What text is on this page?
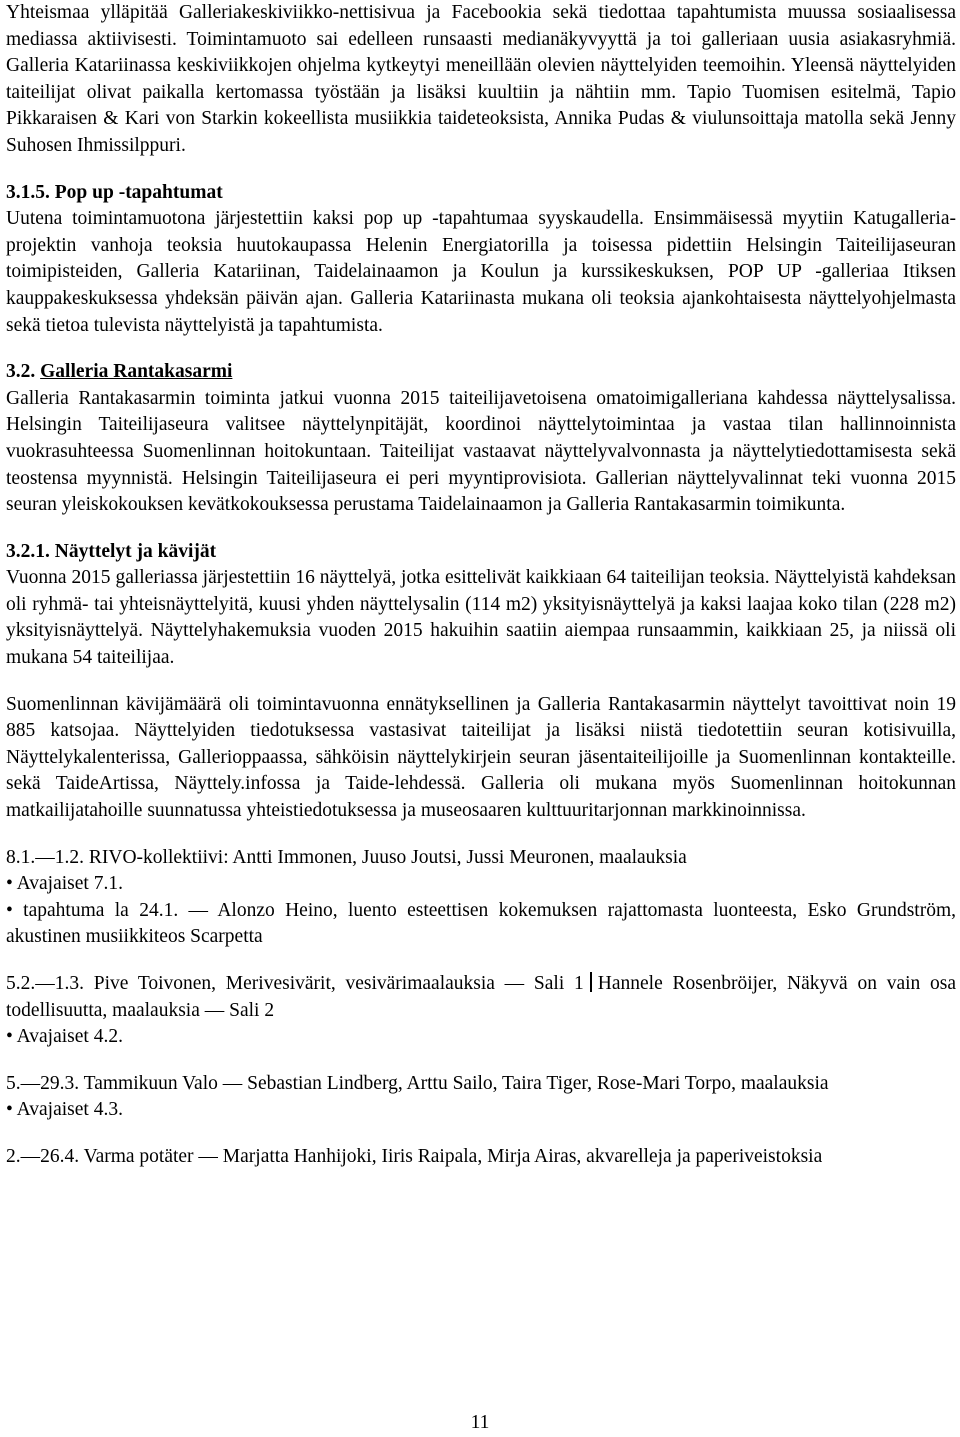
Yhteismaa ylläpitää Galleriakeskiviikko-nettisivua ja Facebookia sekä tiedottaa tapahtumista muussa sosiaalisessa mediassa aktiivisesti. Toimintamuoto sai edelleen runsaasti medianäkyvyyttä ja toi galleriaan uusia asiakasryhmiä. Galleria Katariinassa keskiviikkojen ohjelma kytkeytyi meneillään olevien näyttelyiden teemoihin. Yleensä näyttelyiden taiteilijat olivat paikalla kertomassa työstään ja lisäksi kuultiin ja nähtiin mm. Tapio Tuomisen esitelmä, Tapio Pikkaraisen & Kari von Starkin kokeellista musiikkia taideteoksista, Annika Pudas & viulunsoittaja matolla sekä Jenny Suhosen Ihmissilppuri.

3.1.5. Pop up -tapahtumat

Uutena toimintamuotona järjestettiin kaksi pop up -tapahtumaa syyskaudella. Ensimmäisessä myytiin Katugalleria-projektin vanhoja teoksia huutokaupassa Helenin Energiatorilla ja toisessa pidettiin Helsingin Taiteilijaseuran toimipisteiden, Galleria Katariinan, Taidelainaamon ja Koulun ja kurssikeskuksen, POP UP -galleriaa Itiksen kauppakeskuksessa yhdeksän päivän ajan. Galleria Katariinasta mukana oli teoksia ajankohtaisesta näyttelyohjelmasta sekä tietoa tulevista näyttelyistä ja tapahtumista.

3.2. Galleria Rantakasarmi

Galleria Rantakasarmin toiminta jatkui vuonna 2015 taiteilijavetoisena omatoimigalleriana kahdessa näyttelysalissa. Helsingin Taiteilijaseura valitsee näyttelynpitäjät, koordinoi näyttelytoimintaa ja vastaa tilan hallinnoinnista vuokrasuhteessa Suomenlinnan hoitokuntaan. Taiteilijat vastaavat näyttelyvalvonnasta ja näyttelytiedottamisesta sekä teostensa myynnistä. Helsingin Taiteilijaseura ei peri myyntiprovisiota. Gallerian näyttelyvalinnat teki vuonna 2015 seuran yleiskokouksen kevätkokouksessa perustama Taidelainaamon ja Galleria Rantakasarmin toimikunta.

3.2.1. Näyttelyt ja kävijät

Vuonna 2015 galleriassa järjestettiin 16 näyttelyä, jotka esittelivät kaikkiaan 64 taiteilijan teoksia. Näyttelyistä kahdeksan oli ryhmä- tai yhteisnäyttelyitä, kuusi yhden näyttelysalin (114 m2) yksityisnäyttelyä ja kaksi laajaa koko tilan (228 m2) yksityisnäyttelyä. Näyttelyhakemuksia vuoden 2015 hakuihin saatiin aiempaa runsaammin, kaikkiaan 25, ja niissä oli mukana 54 taiteilijaa.

Suomenlinnan kävijämäärä oli toimintavuonna ennätyksellinen ja Galleria Rantakasarmin näyttelyt tavoittivat noin 19 885 katsojaa. Näyttelyiden tiedotuksessa vastasivat taiteilijat ja lisäksi niistä tiedotettiin seuran kotisivuilla, Näyttelykalenterissa, Gallerioppaassa, sähköisin näyttelykirjein seuran jäsentaiteilijoille ja Suomenlinnan kontakteille. sekä TaideArtissa, Näyttely.infossa ja Taide-lehdessä. Galleria oli mukana myös Suomenlinnan hoitokunnan matkailijatahoille suunnatussa yhteistiedotuksessa ja museosaaren kulttuuritarjonnan markkinoinnissa.

8.1.—1.2. RIVO-kollektiivi: Antti Immonen, Juuso Joutsi, Jussi Meuronen, maalauksia

• Avajaiset 7.1.

• tapahtuma la 24.1. — Alonzo Heino, luento esteettisen kokemuksen rajattomasta luonteesta, Esko Grundström, akustinen musiikkiteos Scarpetta

5.2.—1.3. Pive Toivonen, Merivesivärit, vesivärimaalauksia — Sali 1 Hannele Rosenbröijer, Näkyvä on vain osa todellisuutta, maalauksia — Sali 2

• Avajaiset 4.2.

5.—29.3. Tammikuun Valo — Sebastian Lindberg, Arttu Sailo, Taira Tiger, Rose-Mari Torpo, maalauksia

• Avajaiset 4.3.

2.—26.4. Varma potäter — Marjatta Hanhijoki, Iiris Raipala, Mirja Airas, akvarelleja ja paperiveistoksia

11
